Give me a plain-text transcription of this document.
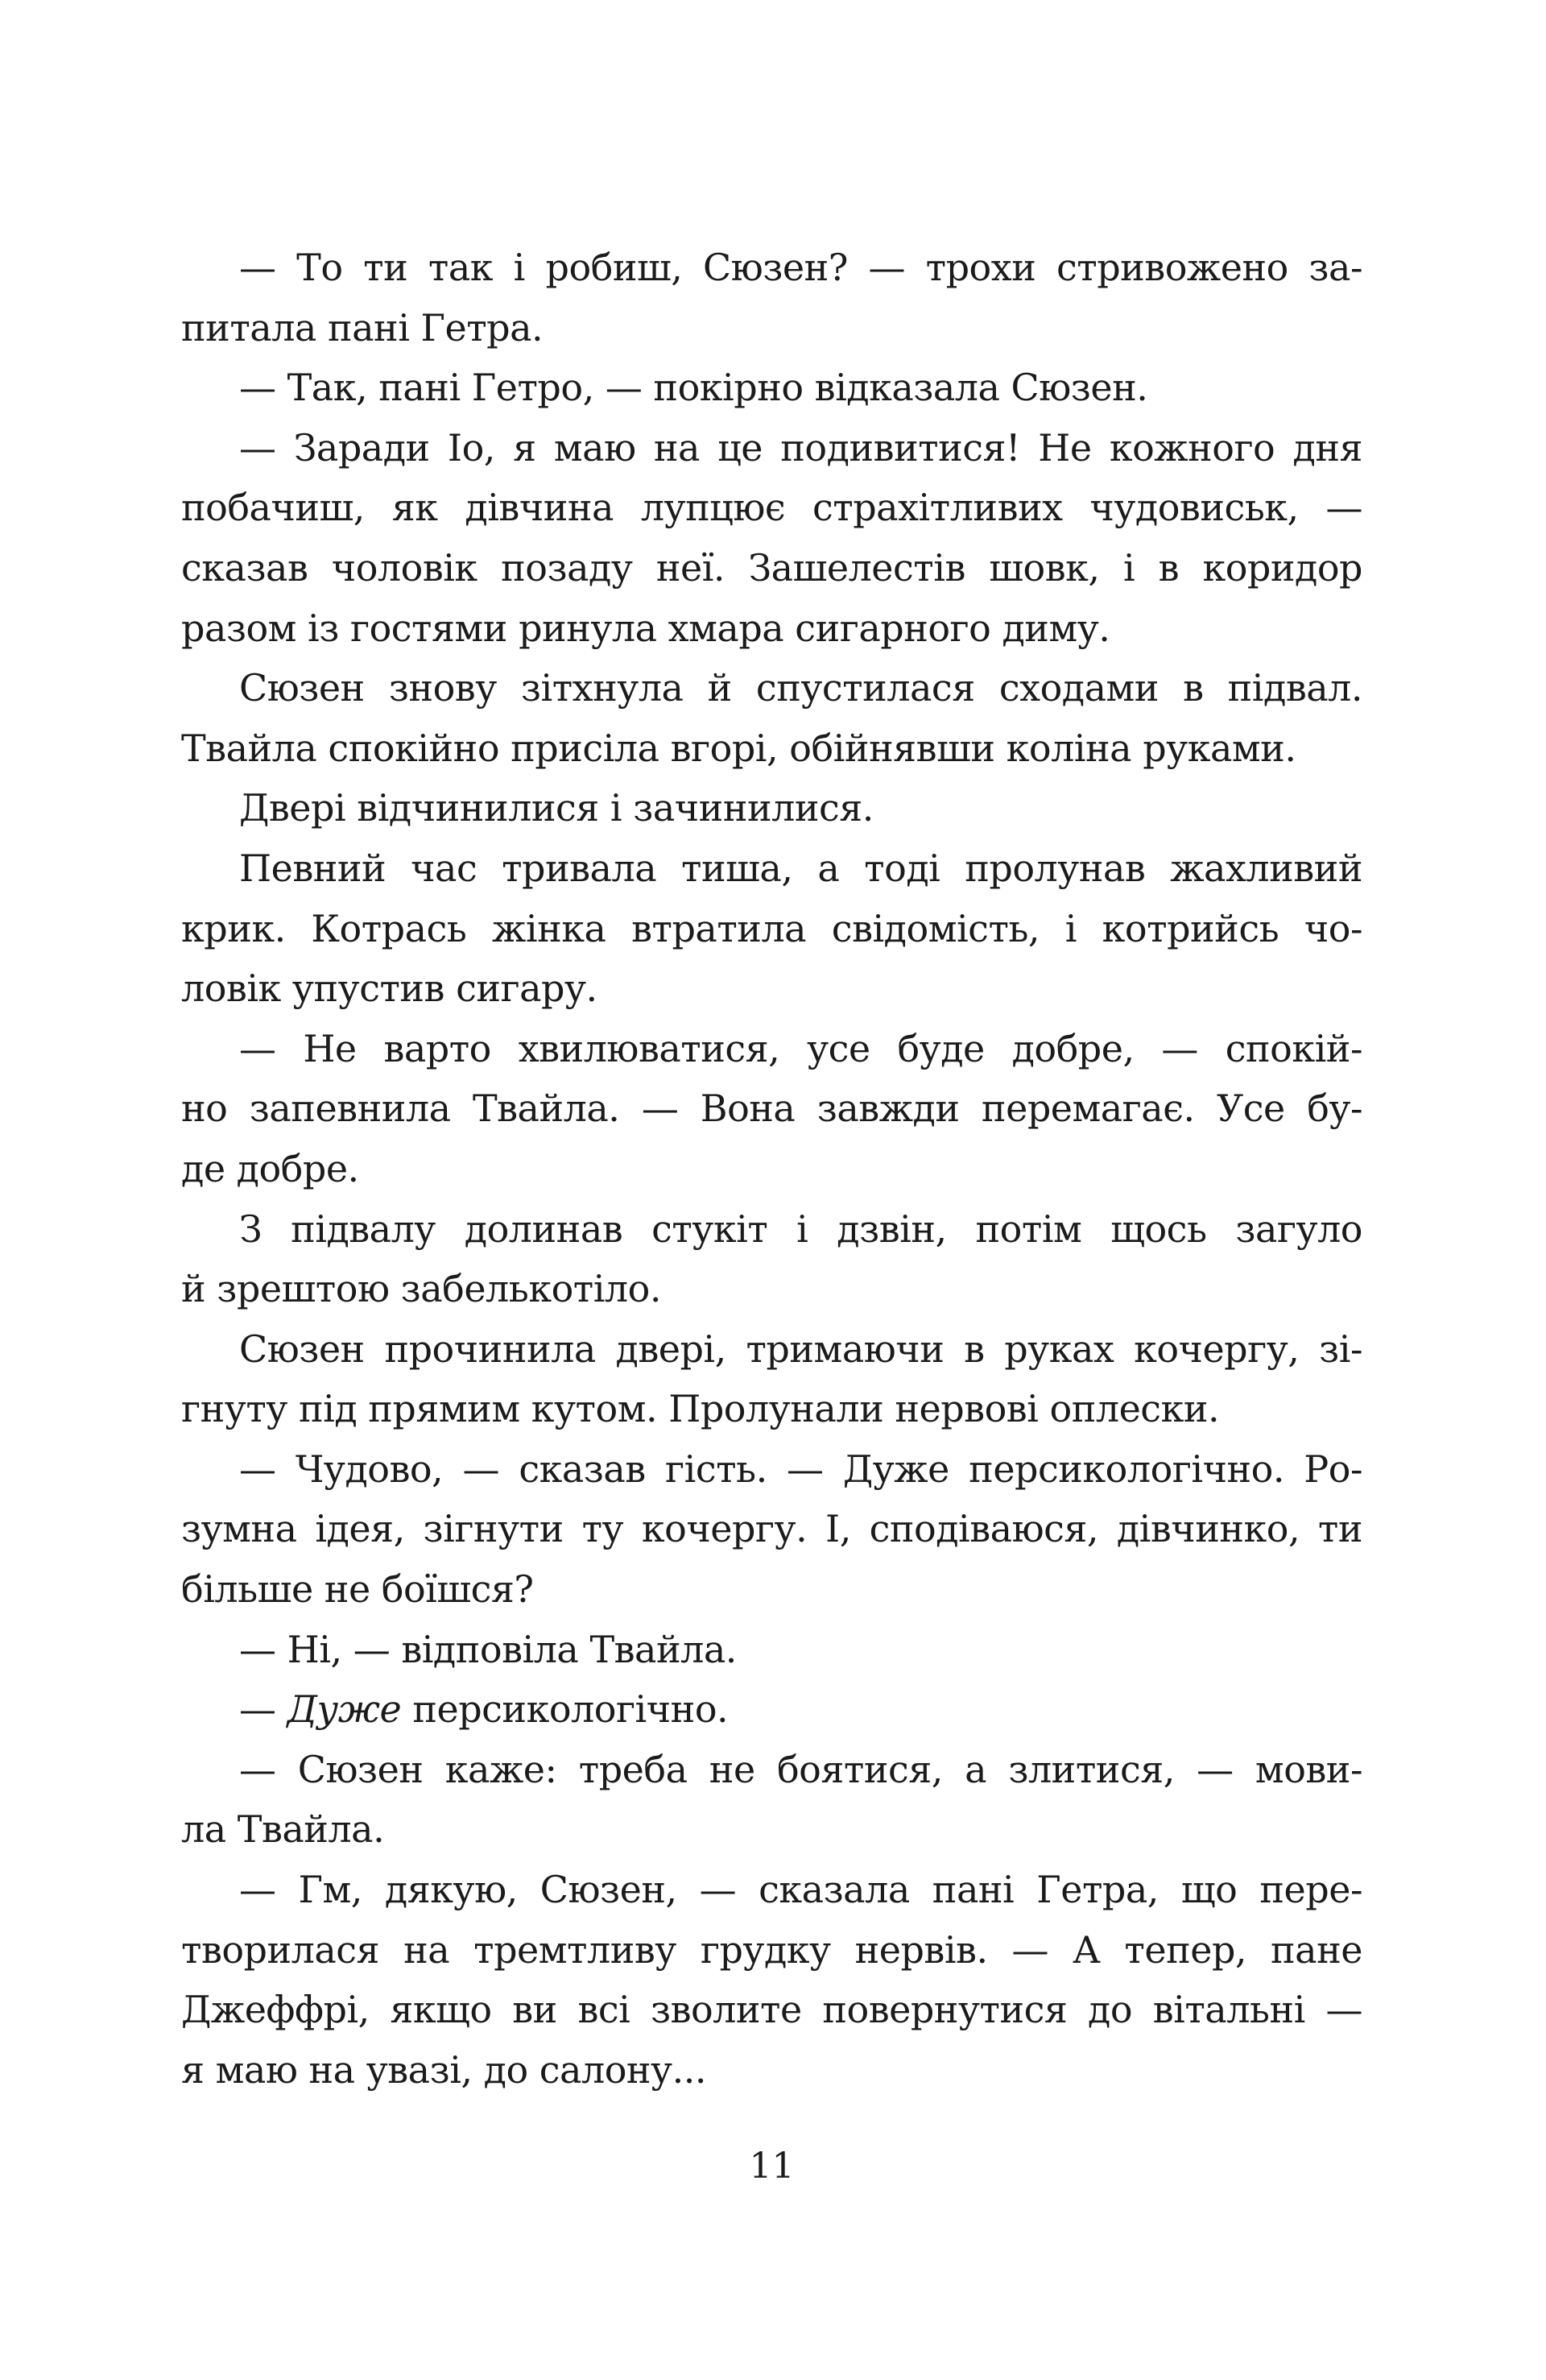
— То ти так і робиш, Сюзен? — трохи стривожено за-
питала пані Гетра.
— Так, пані Гетро, — покірно відказала Сюзен.
— Заради Іо, я маю на це подивитися! Не кожного дня
побачиш, як дівчина лупцює страхітливих чудовиськ, —
сказав чоловік позаду неї. Зашелестів шовк, і в коридор
разом із гостями ринула хмара сигарного диму.
Сюзен знову зітхнула й спустилася сходами в підвал.
Твайла спокійно присіла вгорі, обійнявши коліна руками.
Двері відчинилися і зачинилися.
Певний час тривала тиша, а тоді пролунав жахливий
крик. Котрась жінка втратила свідомість, і котрийсь чо-
ловік упустив сигару.
— Не варто хвилюватися, усе буде добре, — спокій-
но запевнила Твайла. — Вона завжди перемагає. Усе бу-
де добре.
З підвалу долинав стукіт і дзвін, потім щось загуло
й зрештою забелькотіло.
Сюзен прочинила двері, тримаючи в руках кочергу, зі-
гнуту під прямим кутом. Пролунали нервові оплески.
— Чудово, — сказав гість. — Дуже персикологічно. Ро-
зумна ідея, зігнути ту кочергу. І, сподіваюся, дівчинко, ти
більше не боїшся?
— Ні, — відповіла Твайла.
— Дуже персикологічно.
— Сюзен каже: треба не боятися, а злитися, — мови-
ла Твайла.
— Гм, дякую, Сюзен, — сказала пані Гетра, що пере-
творилася на тремтливу грудку нервів. — А тепер, пане
Джеффрі, якщо ви всі зволите повернутися до вітальні —
я маю на увазі, до салону...
11
